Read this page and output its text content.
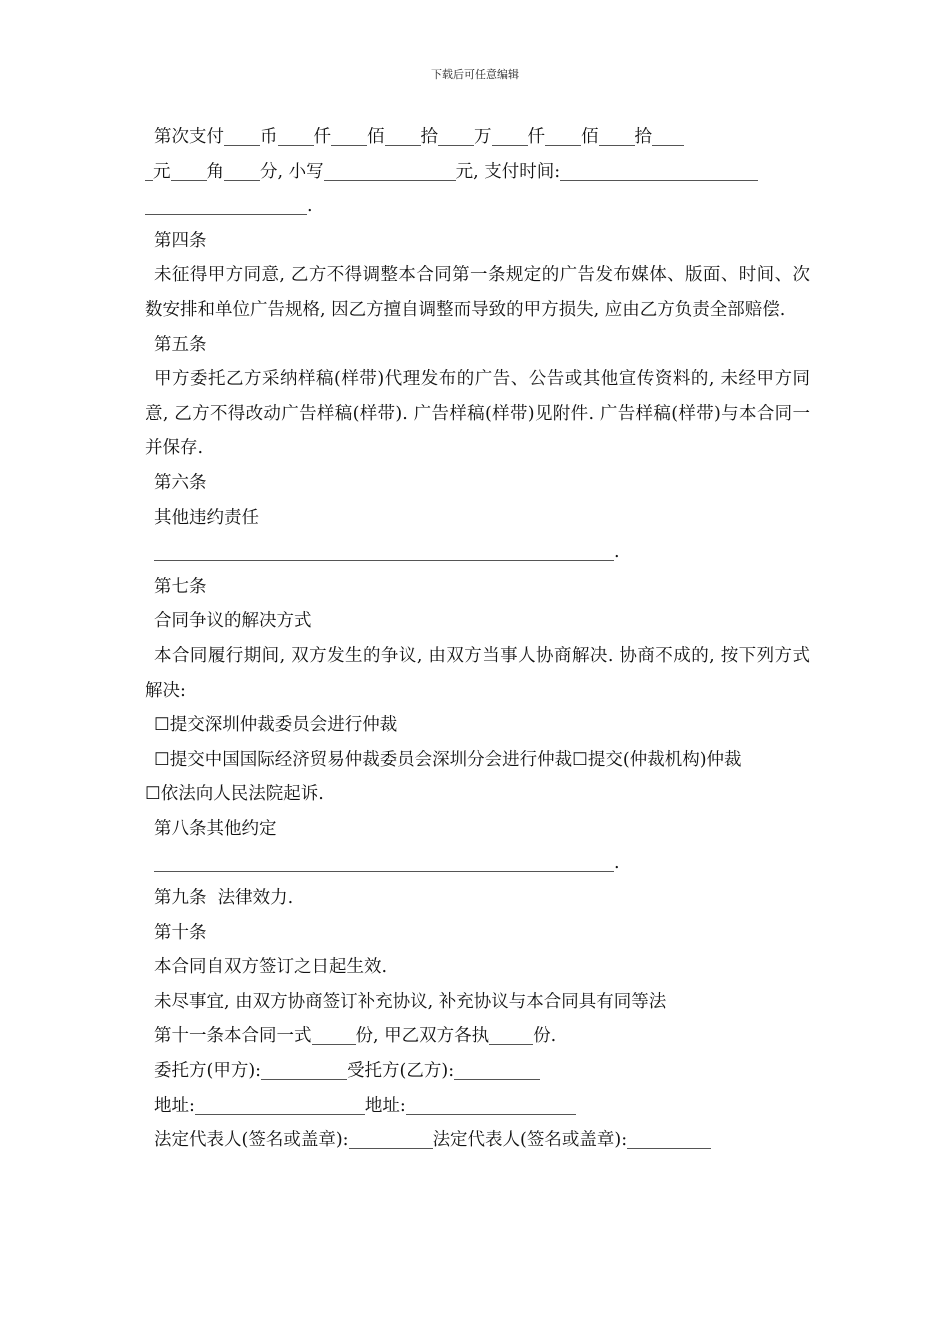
下载后可任意编辑
第次支付 币 仟 佰 拾 万 仟 佰 拾
元 角 分, 小写	元, 支付时间:
.
第四条
未征得甲方同意, 乙方不得调整本合同第一条规定的广告发布媒体、版面、时间、次数安排和单位广告规格, 因乙方擅自调整而导致的甲方损失, 应由乙方负责全部赔偿.
第五条
甲方委托乙方采纳样稿(样带)代理发布的广告、公告或其他宣传资料的, 未经甲方同意, 乙方不得改动广告样稿(样带). 广告样稿(样带)见附件. 广告样稿(样带)与本合同一并保存.
第六条
其他违约责任
.
第七条
合同争议的解决方式
本合同履行期间, 双方发生的争议, 由双方当事人协商解决. 协商不成的, 按下列方式解决:
☐提交深圳仲裁委员会进行仲裁
☐提交中国国际经济贸易仲裁委员会深圳分会进行仲裁☐提交(仲裁机构)仲裁
☐依法向人民法院起诉.
第八条其他约定
.
第九条  法律效力.
第十条
本合同自双方签订之日起生效.
未尽事宜, 由双方协商签订补充协议, 补充协议与本合同具有同等法
第十一条本合同一式	份, 甲乙双方各执	份.
委托方(甲方):	受托方(乙方):
地址:	地址:
法定代表人(签名或盖章):	法定代表人(签名或盖章):
